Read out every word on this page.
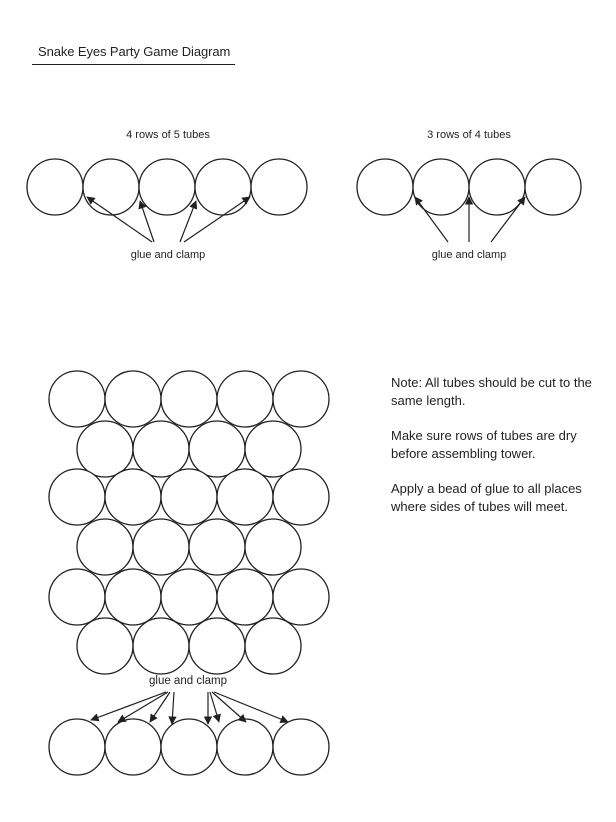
Snake Eyes Party Game Diagram
4 rows of 5 tubes	3 rows of 4 tubes
glue and clamp	glue and clamp
glue and clamp

Note: All tubes should be cut to the same length.

Make sure rows of tubes are dry before assembling tower.

Apply a bead of glue to all places where sides of tubes will meet.
